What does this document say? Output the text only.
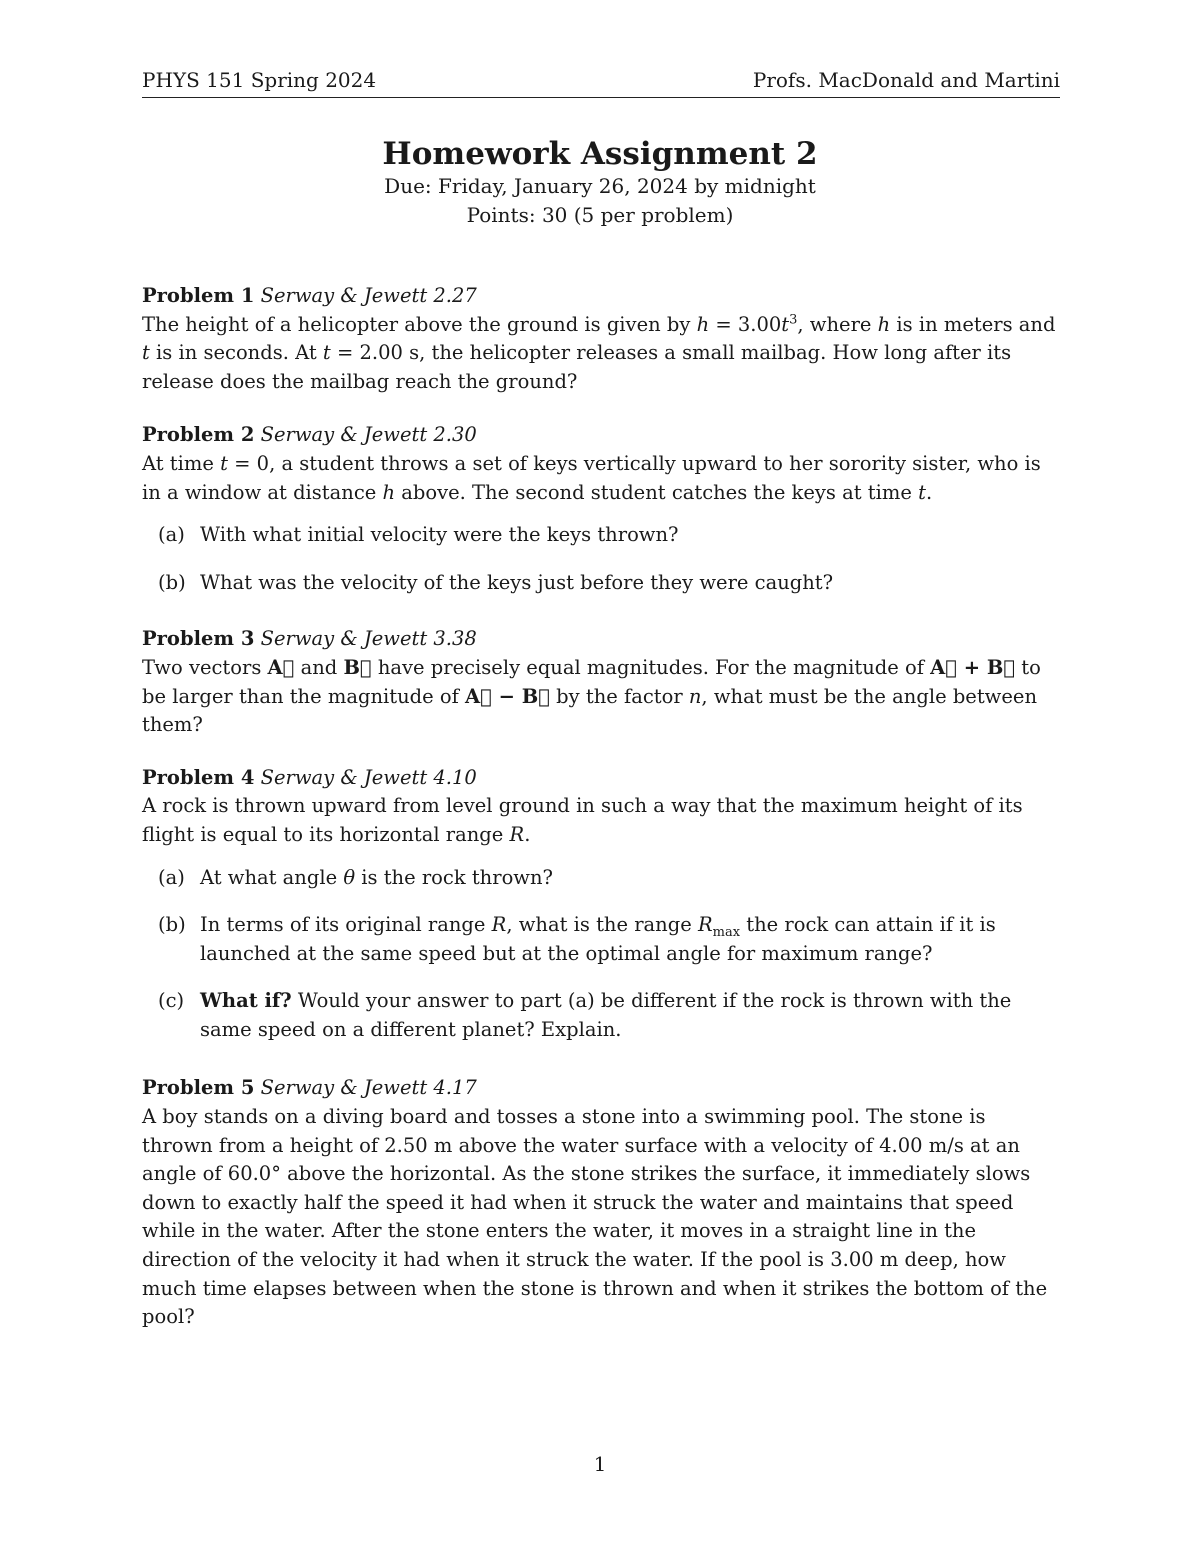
PHYS 151 Spring 2024	Profs. MacDonald and Martini
Homework Assignment 2
Due: Friday, January 26, 2024 by midnight
Points: 30 (5 per problem)

Problem 1 Serway & Jewett 2.27

The height of a helicopter above the ground is given by $h = 3.00t^3$, where h is in meters and t is in seconds. At t = 2.00 s, the helicopter releases a small mailbag. How long after its release does the mailbag reach the ground?

Problem 2 Serway & Jewett 2.30

At time t = 0, a student throws a set of keys vertically upward to her sorority sister, who is in a window at distance h above. The second student catches the keys at time t.

(a) With what initial velocity were the keys thrown?
(b) What was the velocity of the keys just before they were caught?

Problem 3 Serway & Jewett 3.38

Two vectors A⃗ and B⃗ have precisely equal magnitudes. For the magnitude of A⃗ + B⃗ to be larger than the magnitude of A⃗ − B⃗ by the factor n, what must be the angle between them?

Problem 4 Serway & Jewett 4.10

A rock is thrown upward from level ground in such a way that the maximum height of its flight is equal to its horizontal range R.

(a) At what angle θ is the rock thrown?
(b) In terms of its original range R, what is the range $R_{max}$ the rock can attain if it is launched at the same speed but at the optimal angle for maximum range?
(c) What if? Would your answer to part (a) be different if the rock is thrown with the same speed on a different planet? Explain.

Problem 5 Serway & Jewett 4.17

A boy stands on a diving board and tosses a stone into a swimming pool. The stone is thrown from a height of 2.50 m above the water surface with a velocity of 4.00 m/s at an angle of 60.0° above the horizontal. As the stone strikes the surface, it immediately slows down to exactly half the speed it had when it struck the water and maintains that speed while in the water. After the stone enters the water, it moves in a straight line in the direction of the velocity it had when it struck the water. If the pool is 3.00 m deep, how much time elapses between when the stone is thrown and when it strikes the bottom of the pool?

1
